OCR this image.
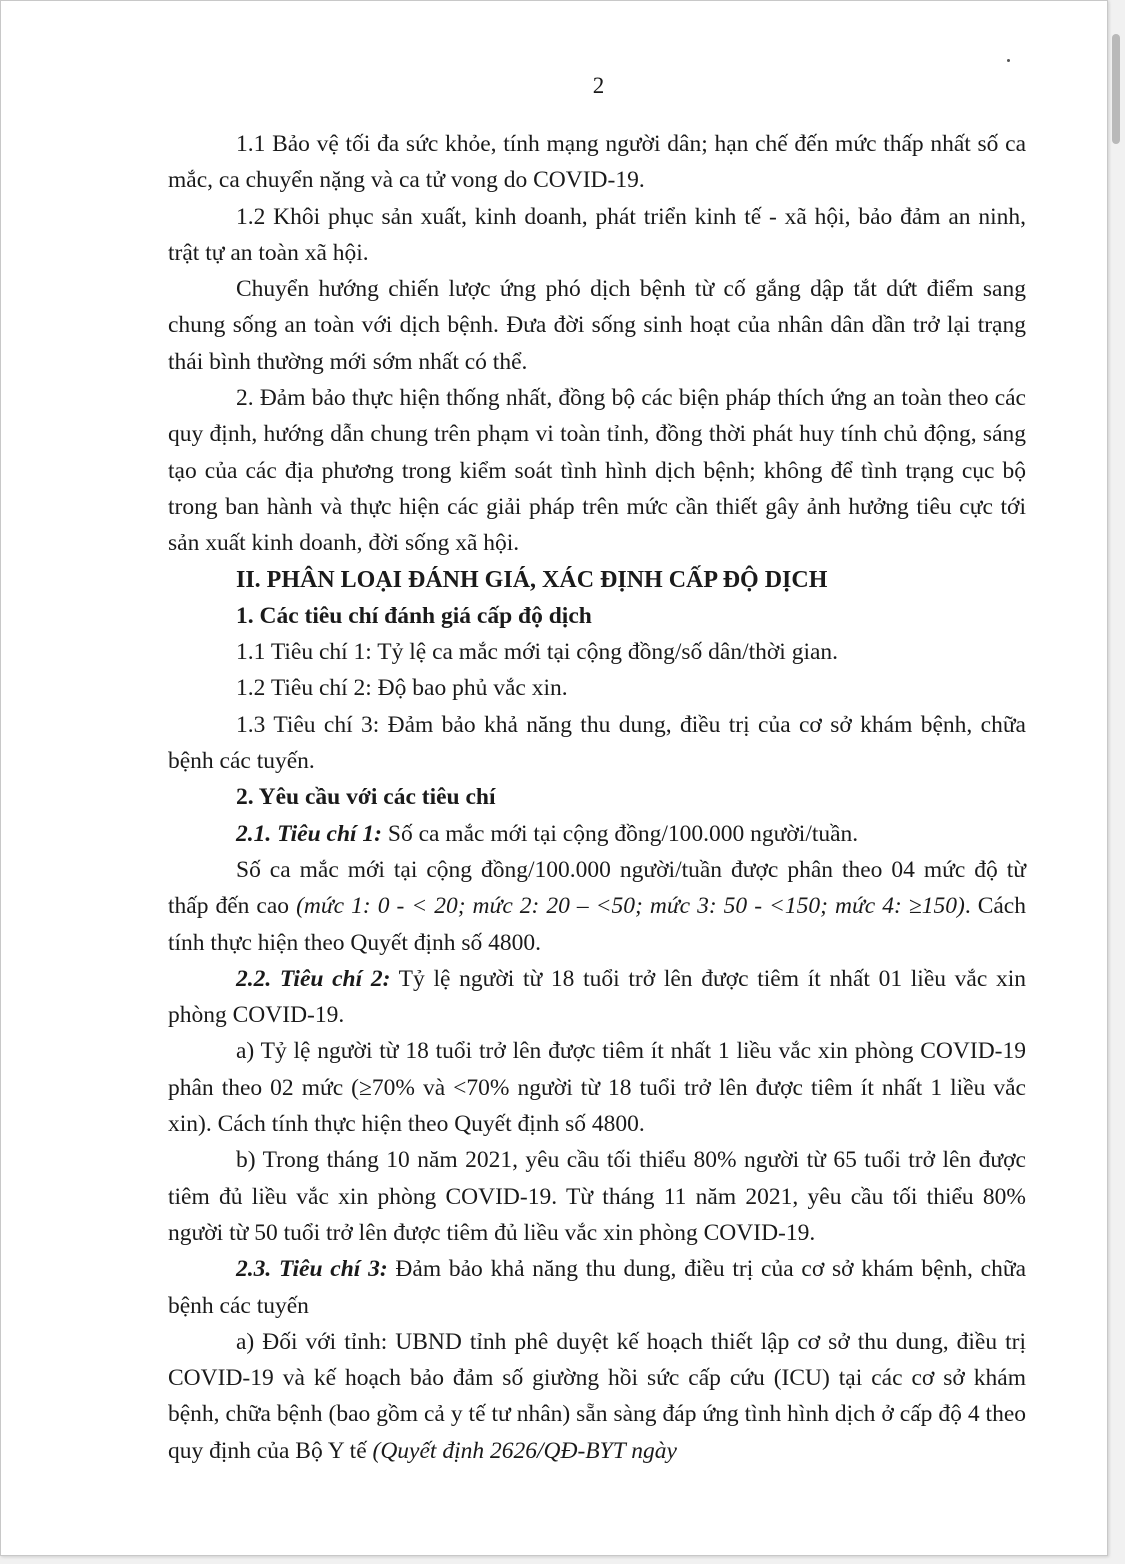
2

1.1 Bảo vệ tối đa sức khỏe, tính mạng người dân; hạn chế đến mức thấp nhất số ca mắc, ca chuyển nặng và ca tử vong do COVID-19.

1.2 Khôi phục sản xuất, kinh doanh, phát triển kinh tế - xã hội, bảo đảm an ninh, trật tự an toàn xã hội.

Chuyển hướng chiến lược ứng phó dịch bệnh từ cố gắng dập tắt dứt điểm sang chung sống an toàn với dịch bệnh. Đưa đời sống sinh hoạt của nhân dân dần trở lại trạng thái bình thường mới sớm nhất có thể.

2. Đảm bảo thực hiện thống nhất, đồng bộ các biện pháp thích ứng an toàn theo các quy định, hướng dẫn chung trên phạm vi toàn tỉnh, đồng thời phát huy tính chủ động, sáng tạo của các địa phương trong kiểm soát tình hình dịch bệnh; không để tình trạng cục bộ trong ban hành và thực hiện các giải pháp trên mức cần thiết gây ảnh hưởng tiêu cực tới sản xuất kinh doanh, đời sống xã hội.

II. PHÂN LOẠI ĐÁNH GIÁ, XÁC ĐỊNH CẤP ĐỘ DỊCH

1. Các tiêu chí đánh giá cấp độ dịch

1.1 Tiêu chí 1: Tỷ lệ ca mắc mới tại cộng đồng/số dân/thời gian.

1.2 Tiêu chí 2: Độ bao phủ vắc xin.

1.3 Tiêu chí 3: Đảm bảo khả năng thu dung, điều trị của cơ sở khám bệnh, chữa bệnh các tuyến.

2. Yêu cầu với các tiêu chí

2.1. Tiêu chí 1: Số ca mắc mới tại cộng đồng/100.000 người/tuần.

Số ca mắc mới tại cộng đồng/100.000 người/tuần được phân theo 04 mức độ từ thấp đến cao (mức 1: 0 - < 20; mức 2: 20 – <50; mức 3: 50 - <150; mức 4: ≥150). Cách tính thực hiện theo Quyết định số 4800.

2.2. Tiêu chí 2: Tỷ lệ người từ 18 tuổi trở lên được tiêm ít nhất 01 liều vắc xin phòng COVID-19.

a) Tỷ lệ người từ 18 tuổi trở lên được tiêm ít nhất 1 liều vắc xin phòng COVID-19 phân theo 02 mức (≥70% và <70% người từ 18 tuổi trở lên được tiêm ít nhất 1 liều vắc xin). Cách tính thực hiện theo Quyết định số 4800.

b) Trong tháng 10 năm 2021, yêu cầu tối thiểu 80% người từ 65 tuổi trở lên được tiêm đủ liều vắc xin phòng COVID-19. Từ tháng 11 năm 2021, yêu cầu tối thiểu 80% người từ 50 tuổi trở lên được tiêm đủ liều vắc xin phòng COVID-19.

2.3. Tiêu chí 3: Đảm bảo khả năng thu dung, điều trị của cơ sở khám bệnh, chữa bệnh các tuyến

a) Đối với tỉnh: UBND tỉnh phê duyệt kế hoạch thiết lập cơ sở thu dung, điều trị COVID-19 và kế hoạch bảo đảm số giường hồi sức cấp cứu (ICU) tại các cơ sở khám bệnh, chữa bệnh (bao gồm cả y tế tư nhân) sẵn sàng đáp ứng tình hình dịch ở cấp độ 4 theo quy định của Bộ Y tế (Quyết định 2626/QĐ-BYT ngày
